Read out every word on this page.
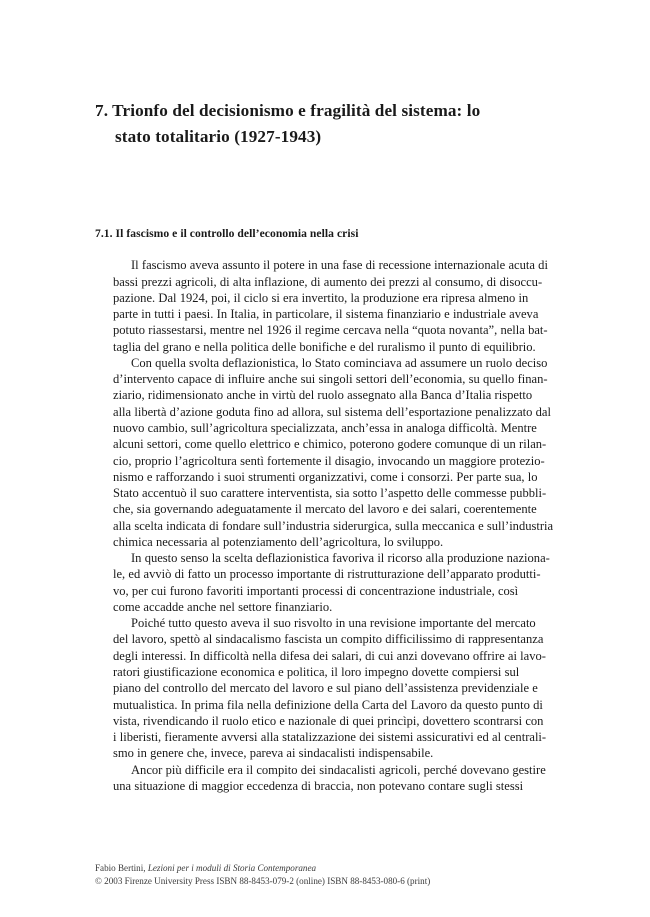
7. Trionfo del decisionismo e fragilità del sistema: lo
stato totalitario (1927-1943)
7.1. Il fascismo e il controllo dell’economia nella crisi

Il fascismo aveva assunto il potere in una fase di recessione internazionale acuta di
bassi prezzi agricoli, di alta inflazione, di aumento dei prezzi al consumo, di disoccu-
pazione. Dal 1924, poi, il ciclo si era invertito, la produzione era ripresa almeno in
parte in tutti i paesi. In Italia, in particolare, il sistema finanziario e industriale aveva
potuto riassestarsi, mentre nel 1926 il regime cercava nella “quota novanta”, nella bat-
taglia del grano e nella politica delle bonifiche e del ruralismo il punto di equilibrio.

Con quella svolta deflazionistica, lo Stato cominciava ad assumere un ruolo deciso
d’intervento capace di influire anche sui singoli settori dell’economia, su quello finan-
ziario, ridimensionato anche in virtù del ruolo assegnato alla Banca d’Italia rispetto
alla libertà d’azione goduta fino ad allora, sul sistema dell’esportazione penalizzato dal
nuovo cambio, sull’agricoltura specializzata, anch’essa in analoga difficoltà. Mentre
alcuni settori, come quello elettrico e chimico, poterono godere comunque di un rilan-
cio, proprio l’agricoltura sentì fortemente il disagio, invocando un maggiore protezio-
nismo e rafforzando i suoi strumenti organizzativi, come i consorzi. Per parte sua, lo
Stato accentuò il suo carattere interventista, sia sotto l’aspetto delle commesse pubbli-
che, sia governando adeguatamente il mercato del lavoro e dei salari, coerentemente
alla scelta indicata di fondare sull’industria siderurgica, sulla meccanica e sull’industria
chimica necessaria al potenziamento dell’agricoltura, lo sviluppo.

In questo senso la scelta deflazionistica favoriva il ricorso alla produzione naziona-
le, ed avviò di fatto un processo importante di ristrutturazione dell’apparato produtti-
vo, per cui furono favoriti importanti processi di concentrazione industriale, così
come accadde anche nel settore finanziario.

Poiché tutto questo aveva il suo risvolto in una revisione importante del mercato
del lavoro, spettò al sindacalismo fascista un compito difficilissimo di rappresentanza
degli interessi. In difficoltà nella difesa dei salari, di cui anzi dovevano offrire ai lavo-
ratori giustificazione economica e politica, il loro impegno dovette compiersi sul
piano del controllo del mercato del lavoro e sul piano dell’assistenza previdenziale e
mutualistica. In prima fila nella definizione della Carta del Lavoro da questo punto di
vista, rivendicando il ruolo etico e nazionale di quei princìpi, dovettero scontrarsi con
i liberisti, fieramente avversi alla statalizzazione dei sistemi assicurativi ed al centrali-
smo in genere che, invece, pareva ai sindacalisti indispensabile.

Ancor più difficile era il compito dei sindacalisti agricoli, perché dovevano gestire
una situazione di maggior eccedenza di braccia, non potevano contare sugli stessi

Fabio Bertini, Lezioni per i moduli di Storia Contemporanea
© 2003 Firenze University Press ISBN 88-8453-079-2 (online) ISBN 88-8453-080-6 (print)
